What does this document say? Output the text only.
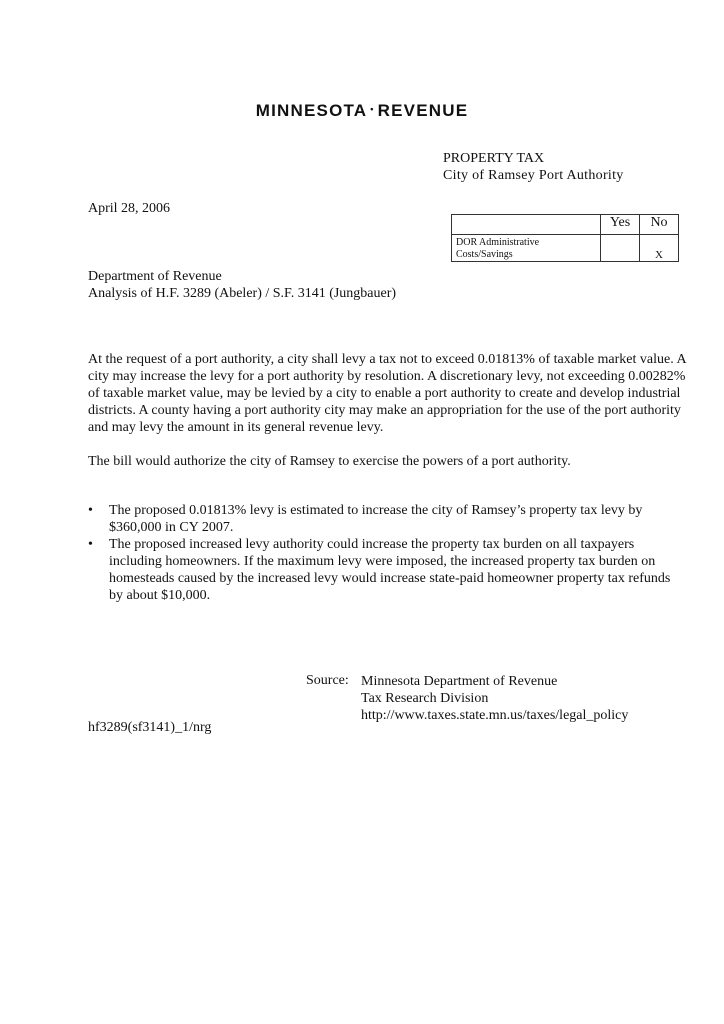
MINNESOTA • REVENUE
PROPERTY TAX
City of Ramsey Port Authority
April 28, 2006
	Yes	No
DOR Administrative Costs/Savings		X
Department of Revenue
Analysis of H.F. 3289 (Abeler) / S.F. 3141 (Jungbauer)
At the request of a port authority, a city shall levy a tax not to exceed 0.01813% of taxable market value. A city may increase the levy for a port authority by resolution. A discretionary levy, not exceeding 0.00282% of taxable market value, may be levied by a city to enable a port authority to create and develop industrial districts. A county having a port authority city may make an appropriation for the use of the port authority and may levy the amount in its general revenue levy.
The bill would authorize the city of Ramsey to exercise the powers of a port authority.
• The proposed 0.01813% levy is estimated to increase the city of Ramsey’s property tax levy by $360,000 in CY 2007.
• The proposed increased levy authority could increase the property tax burden on all taxpayers including homeowners. If the maximum levy were imposed, the increased property tax burden on homesteads caused by the increased levy would increase state-paid homeowner property tax refunds by about $10,000.
Source: Minnesota Department of Revenue
Tax Research Division
http://www.taxes.state.mn.us/taxes/legal_policy
hf3289(sf3141)_1/nrg
